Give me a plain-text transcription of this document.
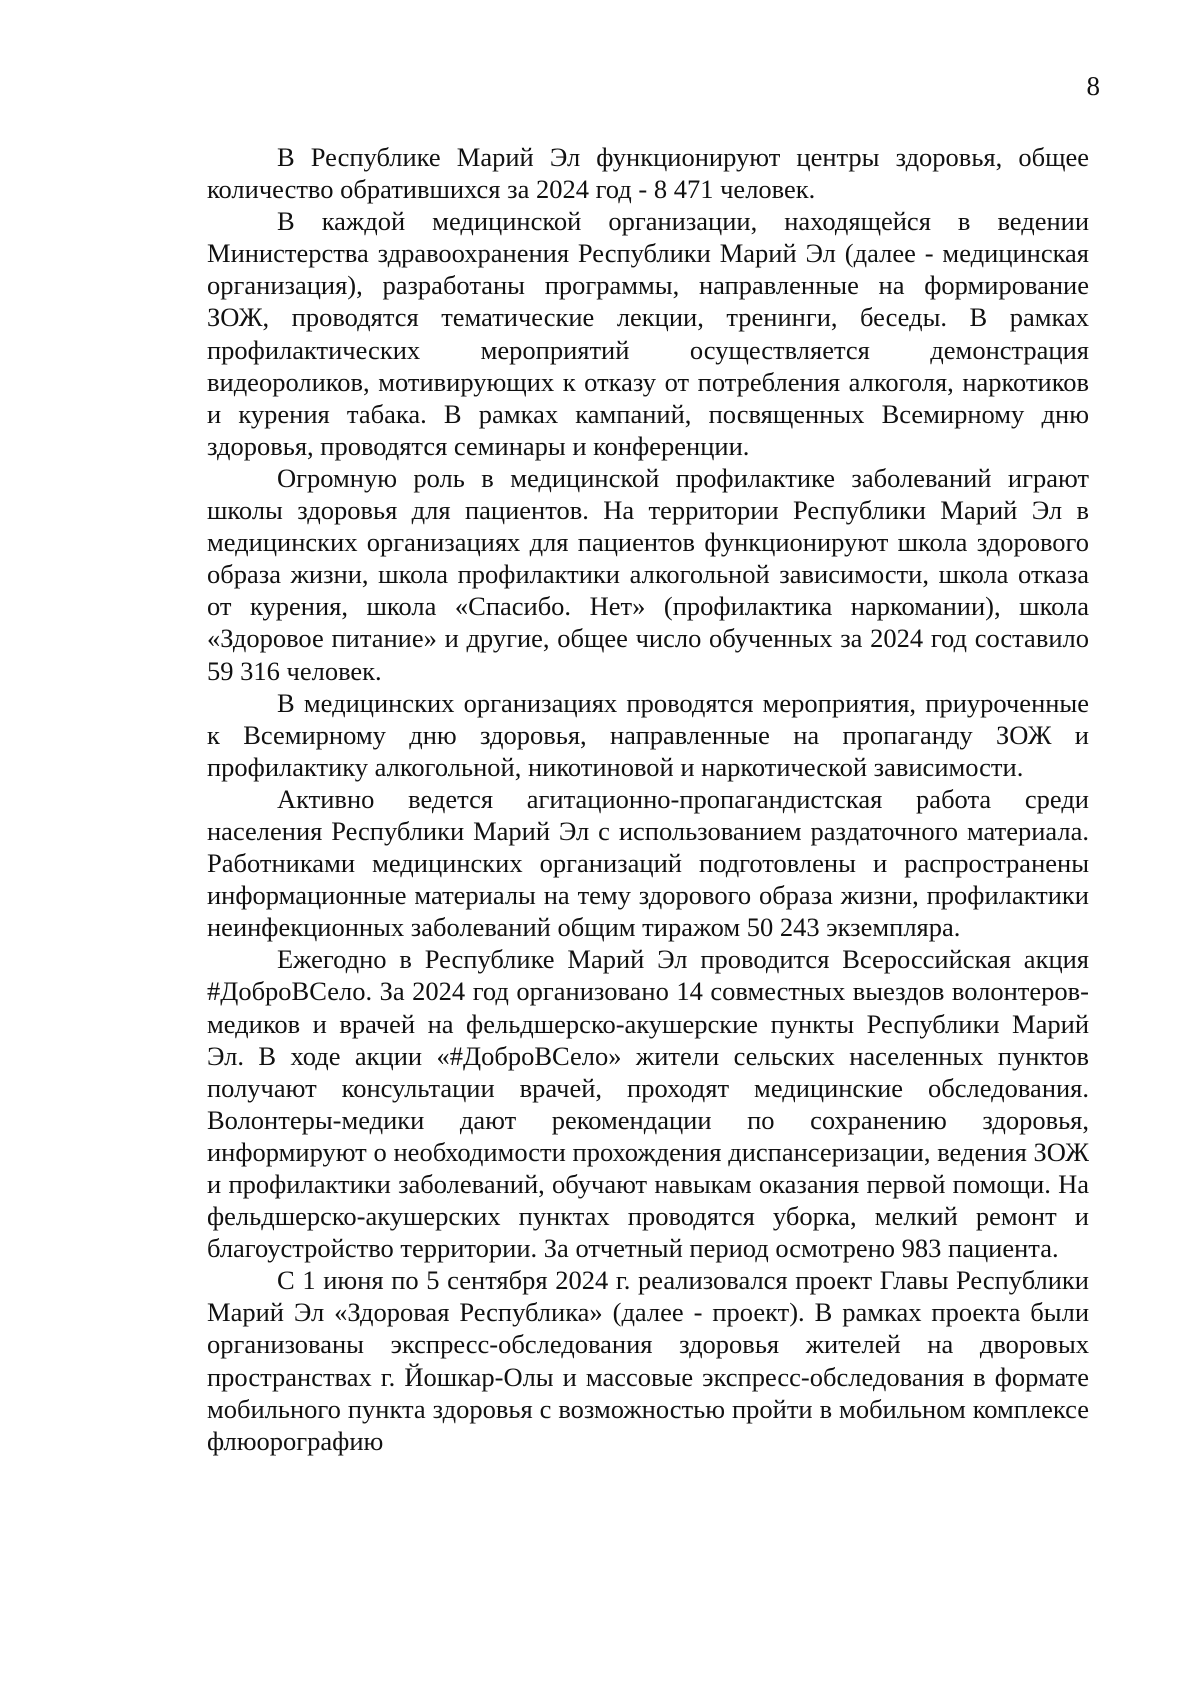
8

В Республике Марий Эл функционируют центры здоровья, общее количество обратившихся за 2024 год - 8 471 человек.

В каждой медицинской организации, находящейся в ведении Министерства здравоохранения Республики Марий Эл (далее - медицинская организация), разработаны программы, направленные на формирование ЗОЖ, проводятся тематические лекции, тренинги, беседы. В рамках профилактических мероприятий осуществляется демонстрация видеороликов, мотивирующих к отказу от потребления алкоголя, наркотиков и курения табака. В рамках кампаний, посвященных Всемирному дню здоровья, проводятся семинары и конференции.

Огромную роль в медицинской профилактике заболеваний играют школы здоровья для пациентов. На территории Республики Марий Эл в медицинских организациях для пациентов функционируют школа здорового образа жизни, школа профилактики алкогольной зависимости, школа отказа от курения, школа «Спасибо. Нет» (профилактика наркомании), школа «Здоровое питание» и другие, общее число обученных за 2024 год составило 59 316 человек.

В медицинских организациях проводятся мероприятия, приуроченные к Всемирному дню здоровья, направленные на пропаганду ЗОЖ и профилактику алкогольной, никотиновой и наркотической зависимости.

Активно ведется агитационно-пропагандистская работа среди населения Республики Марий Эл с использованием раздаточного материала. Работниками медицинских организаций подготовлены и распространены информационные материалы на тему здорового образа жизни, профилактики неинфекционных заболеваний общим тиражом 50 243 экземпляра.

Ежегодно в Республике Марий Эл проводится Всероссийская акция #ДоброВСело. За 2024 год организовано 14 совместных выездов волонтеров-медиков и врачей на фельдшерско-акушерские пункты Республики Марий Эл. В ходе акции «#ДоброВСело» жители сельских населенных пунктов получают консультации врачей, проходят медицинские обследования. Волонтеры-медики дают рекомендации по сохранению здоровья, информируют о необходимости прохождения диспансеризации, ведения ЗОЖ и профилактики заболеваний, обучают навыкам оказания первой помощи. На фельдшерско-акушерских пунктах проводятся уборка, мелкий ремонт и благоустройство территории. За отчетный период осмотрено 983 пациента.

С 1 июня по 5 сентября 2024 г. реализовался проект Главы Республики Марий Эл «Здоровая Республика» (далее - проект). В рамках проекта были организованы экспресс-обследования здоровья жителей на дворовых пространствах г. Йошкар-Олы и массовые экспресс-обследования в формате мобильного пункта здоровья с возможностью пройти в мобильном комплексе флюорографию
